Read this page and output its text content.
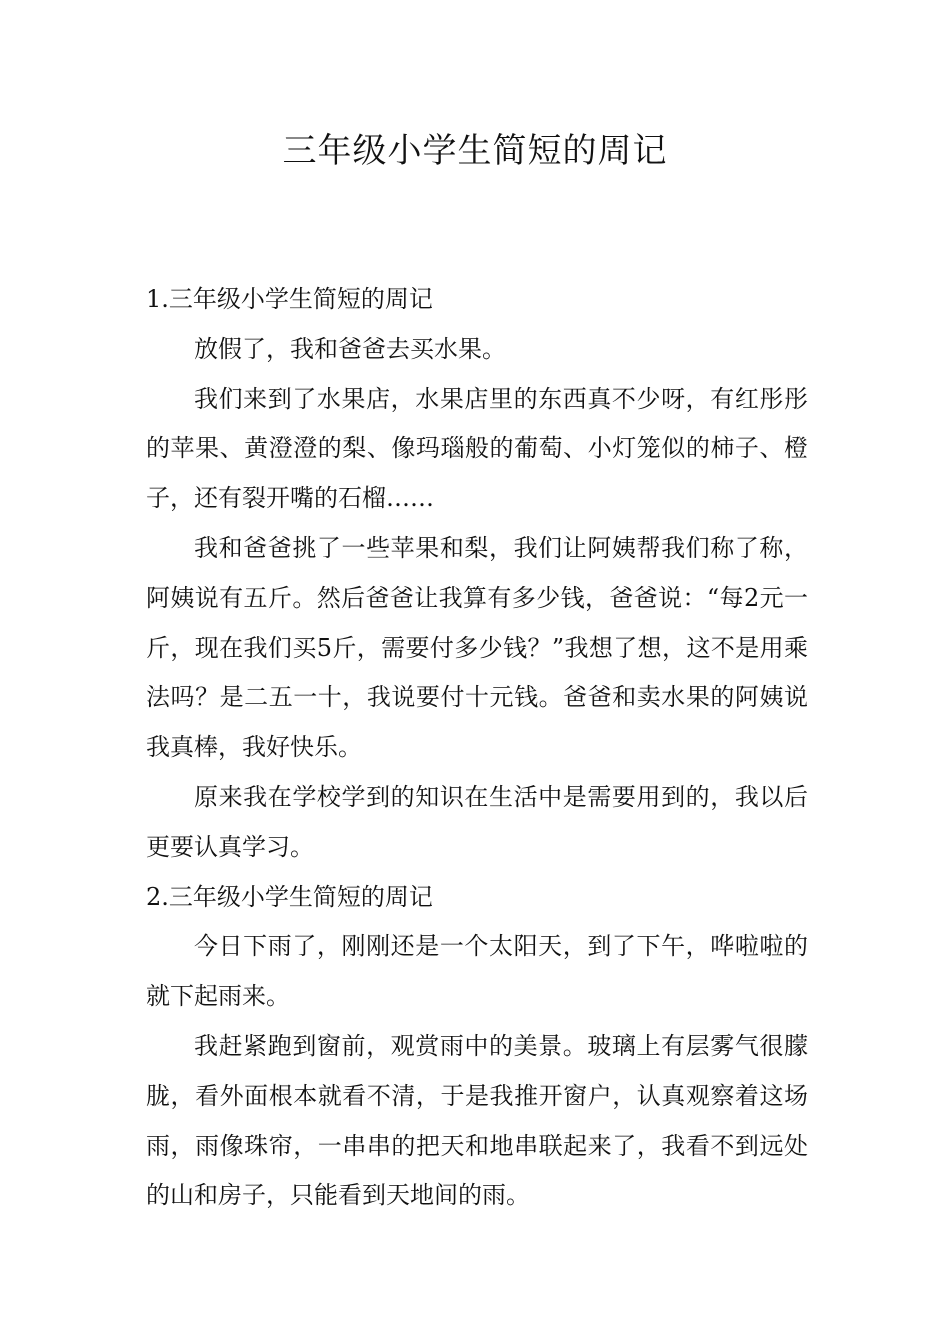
三年级小学生简短的周记
1.三年级小学生简短的周记

放假了，我和爸爸去买水果。

我们来到了水果店，水果店里的东西真不少呀，有红彤彤的苹果、黄澄澄的梨、像玛瑙般的葡萄、小灯笼似的柿子、橙子，还有裂开嘴的石榴……

我和爸爸挑了一些苹果和梨，我们让阿姨帮我们称了称，阿姨说有五斤。然后爸爸让我算有多少钱，爸爸说：“每2元一斤，现在我们买5斤，需要付多少钱？”我想了想，这不是用乘法吗？是二五一十，我说要付十元钱。爸爸和卖水果的阿姨说我真棒，我好快乐。

原来我在学校学到的知识在生活中是需要用到的，我以后更要认真学习。

2.三年级小学生简短的周记

今日下雨了，刚刚还是一个太阳天，到了下午，哗啦啦的就下起雨来。

我赶紧跑到窗前，观赏雨中的美景。玻璃上有层雾气很朦胧，看外面根本就看不清，于是我推开窗户，认真观察着这场雨，雨像珠帘，一串串的把天和地串联起来了，我看不到远处的山和房子，只能看到天地间的雨。
